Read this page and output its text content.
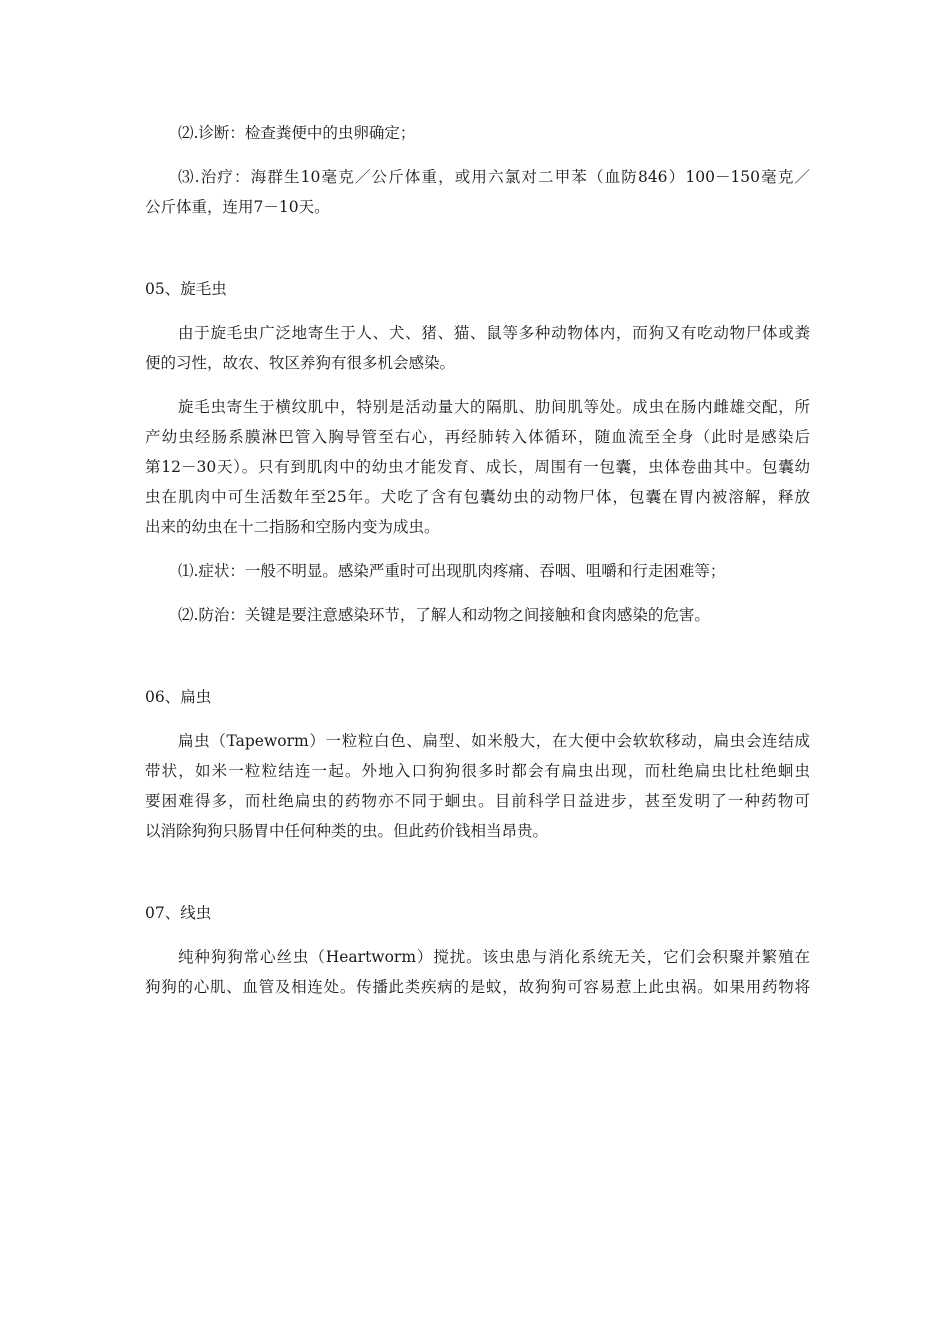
⑵.诊断：检查粪便中的虫卵确定；
⑶.治疗：海群生10毫克／公斤体重，或用六氯对二甲苯（血防846）100－150毫克／
公斤体重，连用7－10天。
05、旋毛虫
由于旋毛虫广泛地寄生于人、犬、猪、猫、鼠等多种动物体内，而狗又有吃动物尸体或粪
便的习性，故农、牧区养狗有很多机会感染。
旋毛虫寄生于横纹肌中，特别是活动量大的隔肌、肋间肌等处。成虫在肠内雌雄交配，所
产幼虫经肠系膜淋巴管入胸导管至右心，再经肺转入体循环，随血流至全身（此时是感染后
第12－30天）。只有到肌肉中的幼虫才能发育、成长，周围有一包囊，虫体卷曲其中。包囊幼
虫在肌肉中可生活数年至25年。犬吃了含有包囊幼虫的动物尸体，包囊在胃内被溶解，释放
出来的幼虫在十二指肠和空肠内变为成虫。
⑴.症状：一般不明显。感染严重时可出现肌肉疼痛、吞咽、咀嚼和行走困难等；
⑵.防治：关键是要注意感染环节，了解人和动物之间接触和食肉感染的危害。
06、扁虫
扁虫（Tapeworm）一粒粒白色、扁型、如米般大，在大便中会软软移动，扁虫会连结成
带状，如米一粒粒结连一起。外地入口狗狗很多时都会有扁虫出现，而杜绝扁虫比杜绝蛔虫
要困难得多，而杜绝扁虫的药物亦不同于蛔虫。目前科学日益进步，甚至发明了一种药物可
以消除狗狗只肠胃中任何种类的虫。但此药价钱相当昂贵。
07、线虫
纯种狗狗常心丝虫（Heartworm）搅扰。该虫患与消化系统无关，它们会积聚并繁殖在
狗狗的心肌、血管及相连处。传播此类疾病的是蚊，故狗狗可容易惹上此虫祸。如果用药物将
